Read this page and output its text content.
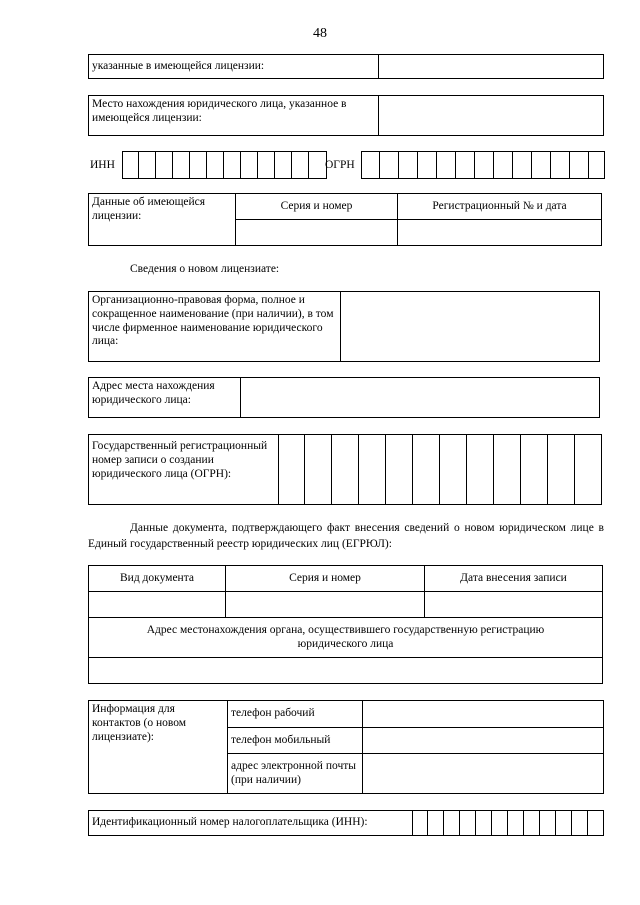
48
указанные в имеющейся лицензии:	
Место нахождения юридического лица, указанное в имеющейся лицензии:	
ИНН	ОГРН
Данные об имеющейся лицензии:	Серия и номер	Регистрационный № и дата

Сведения о новом лицензиате:
Организационно-правовая форма, полное и сокращенное наименование (при наличии), в том числе фирменное наименование юридического лица:	
Адрес места нахождения юридического лица:	
Государственный регистрационный номер записи о создании юридического лица (ОГРН):
Данные документа, подтверждающего факт внесения сведений о новом юридическом лице в Единый государственный реестр юридических лиц (ЕГРЮЛ):
Вид документа	Серия и номер	Дата внесения записи

Адрес местонахождения органа, осуществившего государственную регистрацию юридического лица		

Информация для контактов (о новом лицензиате):	телефон рабочий	
	телефон мобильный	
	адрес электронной почты (при наличии)	
Идентификационный номер налогоплательщика (ИНН):
